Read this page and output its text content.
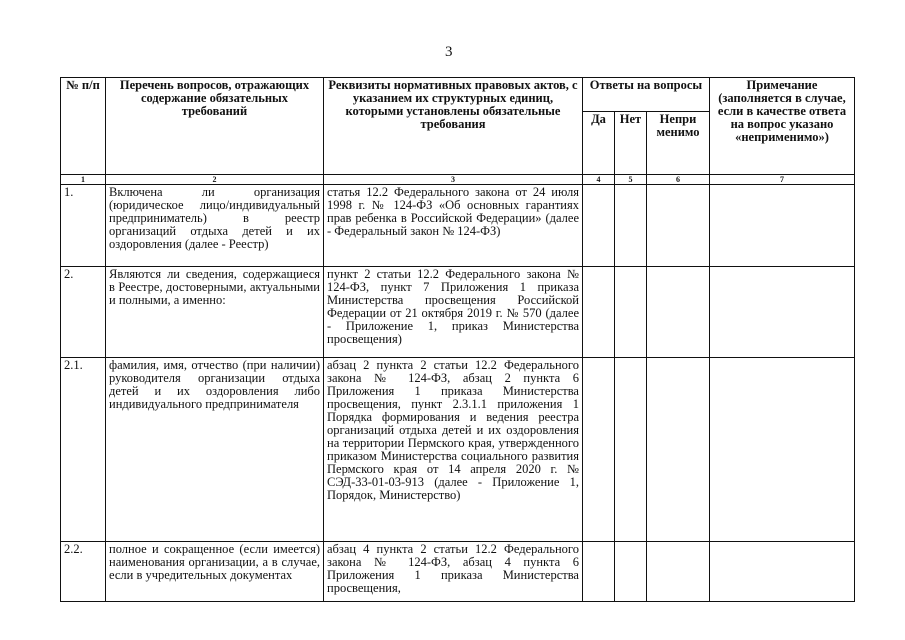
3
№ п/п	Перечень вопросов, отражающих содержание обязательных требований	Реквизиты нормативных правовых актов, с указанием их структурных единиц, которыми установлены обязательные требования	Ответы на вопросы			Примечание (заполняется в случае, если в качестве ответа на вопрос указано «неприменимо»)
			Да	Нет	Непри менимо	
1	2	3	4	5	6	7
1.	Включена ли организация (юридическое лицо/индивидуальный предприниматель) в реестр организаций отдыха детей и их оздоровления (далее - Реестр)	статья 12.2 Федерального закона от 24 июля 1998 г. № 124-ФЗ «Об основных гарантиях прав ребенка в Российской Федерации» (далее - Федеральный закон № 124-ФЗ)				
2.	Являются ли сведения, содержащиеся в Реестре, достоверными, актуальными и полными, а именно:	пункт 2 статьи 12.2 Федерального закона № 124-ФЗ, пункт 7 Приложения 1 приказа Министерства просвещения Российской Федерации от 21 октября 2019 г. № 570 (далее - Приложение 1, приказ Министерства просвещения)				
2.1.	фамилия, имя, отчество (при наличии) руководителя организации отдыха детей и их оздоровления либо индивидуального предпринимателя	абзац 2 пункта 2 статьи 12.2 Федерального закона № 124-ФЗ, абзац 2 пункта 6 Приложения 1 приказа Министерства просвещения, пункт 2.3.1.1 приложения 1 Порядка формирования и ведения реестра организаций отдыха детей и их оздоровления на территории Пермского края, утвержденного приказом Министерства социального развития Пермского края от 14 апреля 2020 г. № СЭД-33-01-03-913 (далее - Приложение 1, Порядок, Министерство)				
2.2.	полное и сокращенное (если имеется) наименования организации, а в случае, если в учредительных документах	абзац 4 пункта 2 статьи 12.2 Федерального закона № 124-ФЗ, абзац 4 пункта 6 Приложения 1 приказа Министерства просвещения,				
